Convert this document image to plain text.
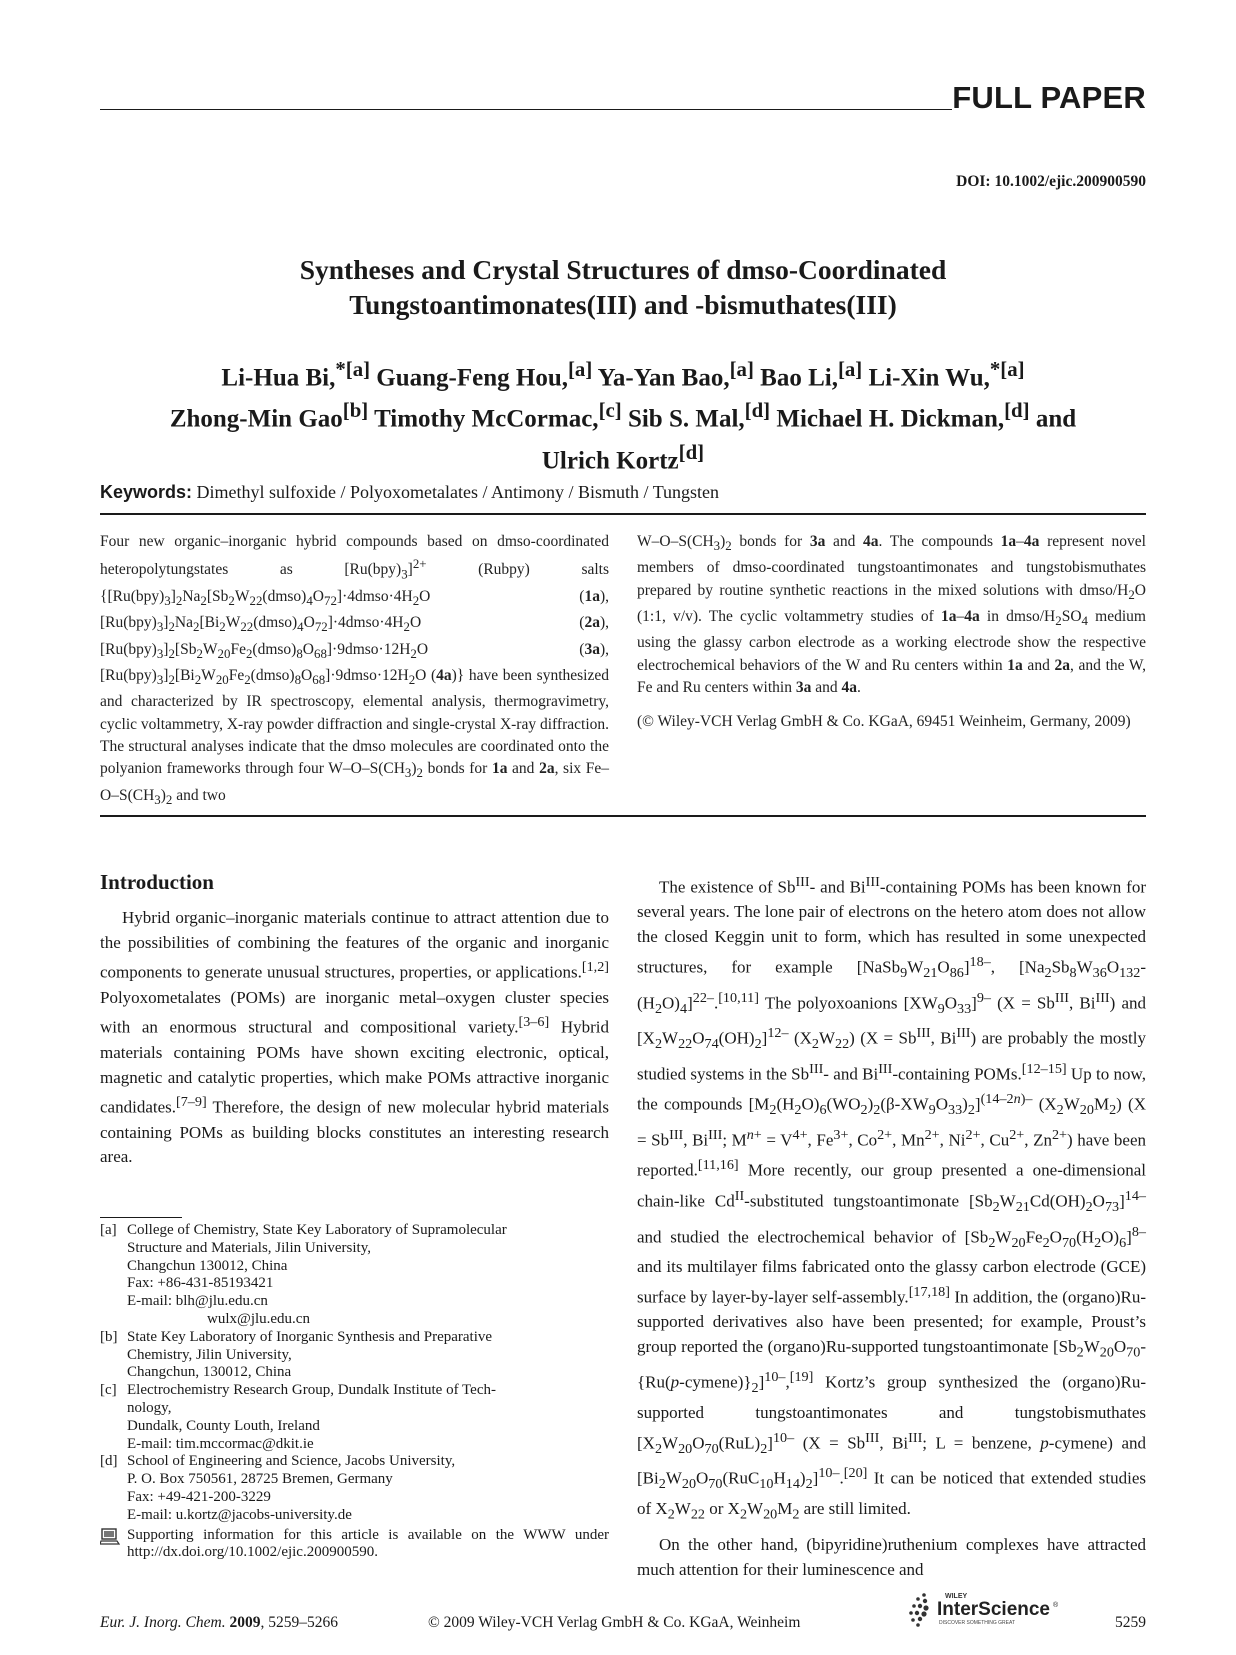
FULL PAPER
DOI: 10.1002/ejic.200900590
Syntheses and Crystal Structures of dmso-Coordinated
Tungstoantimonates(III) and -bismuthates(III)
Li-Hua Bi,$^{*[a]}$ Guang-Feng Hou,[a] Ya-Yan Bao,[a] Bao Li,[a] Li-Xin Wu,$^{*[a]}$
Zhong-Min Gao[b] Timothy McCormac,[c] Sib S. Mal,[d] Michael H. Dickman,[d] and
Ulrich Kortz[d]
Keywords: Dimethyl sulfoxide / Polyoxometalates / Antimony / Bismuth / Tungsten

Four new organic–inorganic hybrid compounds based on dmso-coordinated heteropolytungstates as $[Ru(bpy)_3]^{2+}$ (Rubpy) salts {$[Ru(bpy)_3]_2Na_2[Sb_2W_{22}(dmso)_4O_{72}]\cdot 4dmso\cdot 4H_2O$ (1a), $[Ru(bpy)_3]_2Na_2[Bi_2W_{22}(dmso)_4O_{72}]\cdot 4dmso\cdot 4H_2O$ (2a), $[Ru(bpy)_3]_2[Sb_2W_{20}Fe_2(dmso)_8O_{68}]\cdot 9dmso\cdot 12H_2O$ (3a), $[Ru(bpy)_3]_2[Bi_2W_{20}Fe_2(dmso)_8O_{68}]\cdot 9dmso\cdot 12H_2O$ (4a)} have been synthesized and characterized by IR spectroscopy, elemental analysis, thermogravimetry, cyclic voltammetry, X-ray powder diffraction and single-crystal X-ray diffraction. The structural analyses indicate that the dmso molecules are coordinated onto the polyanion frameworks through four $W-O-S(CH_3)_2$ bonds for 1a and 2a, six $Fe-O-S(CH_3)_2$ and two

$W-O-S(CH_3)_2$ bonds for 3a and 4a. The compounds 1a–4a represent novel members of dmso-coordinated tungstoantimonates and tungstobismuthates prepared by routine synthetic reactions in the mixed solutions with dmso/$H_2O$ (1:1, v/v). The cyclic voltammetry studies of 1a–4a in dmso/$H_2SO_4$ medium using the glassy carbon electrode as a working electrode show the respective electrochemical behaviors of the W and Ru centers within 1a and 2a, and the W, Fe and Ru centers within 3a and 4a.

(© Wiley-VCH Verlag GmbH & Co. KGaA, 69451 Weinheim, Germany, 2009)

Introduction

Hybrid organic–inorganic materials continue to attract attention due to the possibilities of combining the features of the organic and inorganic components to generate unusual structures, properties, or applications.[1,2] Polyoxometalates (POMs) are inorganic metal–oxygen cluster species with an enormous structural and compositional variety.[3–6] Hybrid materials containing POMs have shown exciting electronic, optical, magnetic and catalytic properties, which make POMs attractive inorganic candidates.[7–9] Therefore, the design of new molecular hybrid materials containing POMs as building blocks constitutes an interesting research area.

[a] College of Chemistry, State Key Laboratory of Supramolecular
Structure and Materials, Jilin University,
Changchun 130012, China
Fax: +86-431-85193421
E-mail: blh@jlu.edu.cn
wulx@jlu.edu.cn
[b] State Key Laboratory of Inorganic Synthesis and Preparative
Chemistry, Jilin University,
Changchun, 130012, China
[c] Electrochemistry Research Group, Dundalk Institute of Tech-
nology,
Dundalk, County Louth, Ireland
E-mail: tim.mccormac@dkit.ie
[d] School of Engineering and Science, Jacobs University,
P. O. Box 750561, 28725 Bremen, Germany
Fax: +49-421-200-3229
E-mail: u.kortz@jacobs-university.de
Supporting information for this article is available on the WWW under http://dx.doi.org/10.1002/ejic.200900590.

The existence of $Sb^{III}-$ and $Bi^{III}$-containing POMs has been known for several years. The lone pair of electrons on the hetero atom does not allow the closed Keggin unit to form, which has resulted in some unexpected structures, for example $[NaSb_9W_{21}O_{86}]^{18-}$, $[Na_2Sb_8W_{36}O_{132}-(H_2O)_4]^{22-}.[10,11]$ The polyoxoanions $[XW_9O_{33}]^{9-}$ ($X = Sb^{III}$, $Bi^{III}$) and $[X_2W_{22}O_{74}(OH)_2]^{12-}$ $(X_2W_{22}) (X = Sb^{III}$, $Bi^{III}$) are probably the mostly studied systems in the $Sb^{III}-$ and $Bi^{III}$-containing POMs.[12–15] Up to now, the compounds $[M_2(H_2O)_6(WO_2)_2(\beta-XW_9O_{33})_2]^{(14-2n)-}$ $(X_2W_{20}M_2) (X = Sb^{III}$, $Bi^{III}$; $M^{n+} = V^{4+}$, $Fe^{3+}$, $Co^{2+}$, $Mn^{2+}$, $Ni^{2+}$, $Cu^{2+}$, $Zn^{2+}$) have been reported.[11,16] More recently, our group presented a one-dimensional chain-like $Cd^{II}$-substituted tungstoantimonate $[Sb_2W_{21}Cd(OH)_2O_{73}]^{14-}$ and studied the electrochemical behavior of $[Sb_2W_{20}Fe_2O_{70}(H_2O)_6]^{8-}$ and its multilayer films fabricated onto the glassy carbon electrode (GCE) surface by layer-by-layer self-assembly.[17,18] In addition, the (organo)Ru-supported derivatives also have been presented; for example, Proust’s group reported the (organo)Ru-supported tungstoantimonate $[Sb_2W_{20}O_{70}-\{Ru(p-cymene)\}_2]^{10-},[19]$ Kortz’s group synthesized the (organo)Ru-supported tungstoantimonates and tungstobismuthates $[X_2W_{20}O_{70}(RuL)_2]^{10-}$ ($X = Sb^{III}$, $Bi^{III}$; L = benzene, p-cymene) and $[Bi_2W_{20}O_{70}(RuC_{10}H_{14})_2]^{10-}.[20]$ It can be noticed that extended studies of $X_2W_{22}$ or $X_2W_{20}M_2$ are still limited.

On the other hand, (bipyridine)ruthenium complexes have attracted much attention for their luminescence and

Eur. J. Inorg. Chem. 2009, 5259–5266	© 2009 Wiley-VCH Verlag GmbH & Co. KGaA, Weinheim
WILEY
InterScience ®
DISCOVER SOMETHING GREAT	5259
